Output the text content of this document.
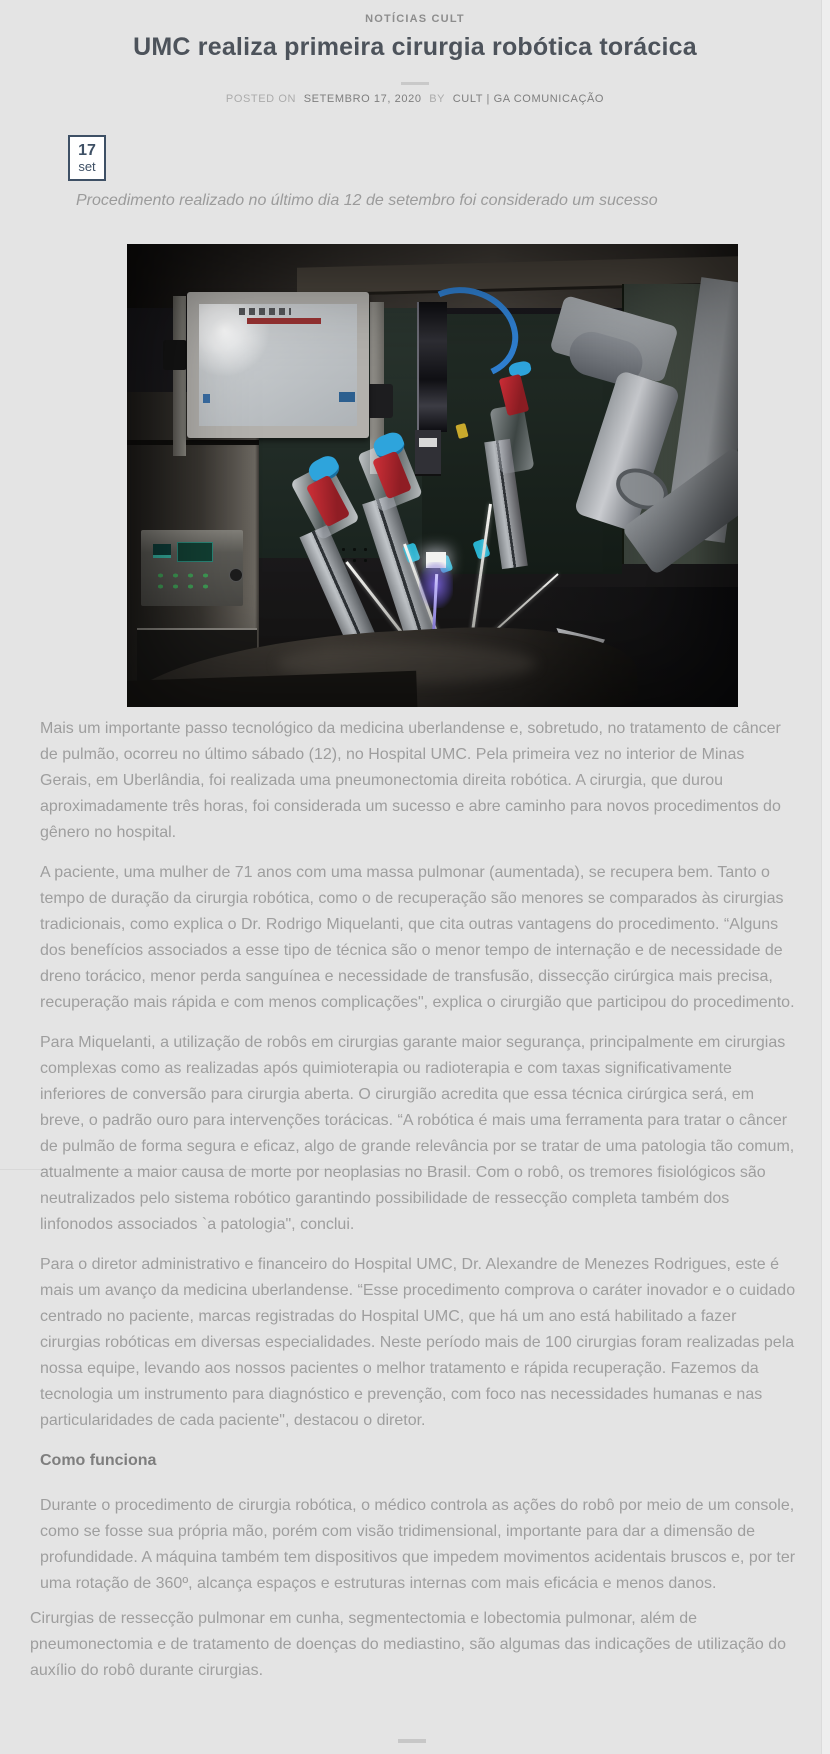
NOTÍCIAS CULT
UMC realiza primeira cirurgia robótica torácica
POSTED ON SETEMBRO 17, 2020 BY CULT | GA COMUNICAÇÃO
17
set

Procedimento realizado no último dia 12 de setembro foi considerado um sucesso

Mais um importante passo tecnológico da medicina uberlandense e, sobretudo, no tratamento de câncer de pulmão, ocorreu no último sábado (12), no Hospital UMC. Pela primeira vez no interior de Minas Gerais, em Uberlândia, foi realizada uma pneumonectomia direita robótica. A cirurgia, que durou aproximadamente três horas, foi considerada um sucesso e abre caminho para novos procedimentos do gênero no hospital.

A paciente, uma mulher de 71 anos com uma massa pulmonar (aumentada), se recupera bem. Tanto o tempo de duração da cirurgia robótica, como o de recuperação são menores se comparados às cirurgias tradicionais, como explica o Dr. Rodrigo Miquelanti, que cita outras vantagens do procedimento. “Alguns dos benefícios associados a esse tipo de técnica são o menor tempo de internação e de necessidade de dreno torácico, menor perda sanguínea e necessidade de transfusão, dissecção cirúrgica mais precisa, recuperação mais rápida e com menos complicações", explica o cirurgião que participou do procedimento.

Para Miquelanti, a utilização de robôs em cirurgias garante maior segurança, principalmente em cirurgias complexas como as realizadas após quimioterapia ou radioterapia e com taxas significativamente inferiores de conversão para cirurgia aberta. O cirurgião acredita que essa técnica cirúrgica será, em breve, o padrão ouro para intervenções torácicas. “A robótica é mais uma ferramenta para tratar o câncer de pulmão de forma segura e eficaz, algo de grande relevância por se tratar de uma patologia tão comum, atualmente a maior causa de morte por neoplasias no Brasil. Com o robô, os tremores fisiológicos são neutralizados pelo sistema robótico garantindo possibilidade de ressecção completa também dos linfonodos associados `a patologia", conclui.

Para o diretor administrativo e financeiro do Hospital UMC, Dr. Alexandre de Menezes Rodrigues, este é mais um avanço da medicina uberlandense. “Esse procedimento comprova o caráter inovador e o cuidado centrado no paciente, marcas registradas do Hospital UMC, que há um ano está habilitado a fazer cirurgias robóticas em diversas especialidades. Neste período mais de 100 cirurgias foram realizadas pela nossa equipe, levando aos nossos pacientes o melhor tratamento e rápida recuperação. Fazemos da tecnologia um instrumento para diagnóstico e prevenção, com foco nas necessidades humanas e nas particularidades de cada paciente", destacou o diretor.

Como funciona

Durante o procedimento de cirurgia robótica, o médico controla as ações do robô por meio de um console, como se fosse sua própria mão, porém com visão tridimensional, importante para dar a dimensão de profundidade. A máquina também tem dispositivos que impedem movimentos acidentais bruscos e, por ter uma rotação de 360º, alcança espaços e estruturas internas com mais eficácia e menos danos.

Cirurgias de ressecção pulmonar em cunha, segmentectomia e lobectomia pulmonar, além de pneumonectomia e de tratamento de doenças do mediastino, são algumas das indicações de utilização do auxílio do robô durante cirurgias.
